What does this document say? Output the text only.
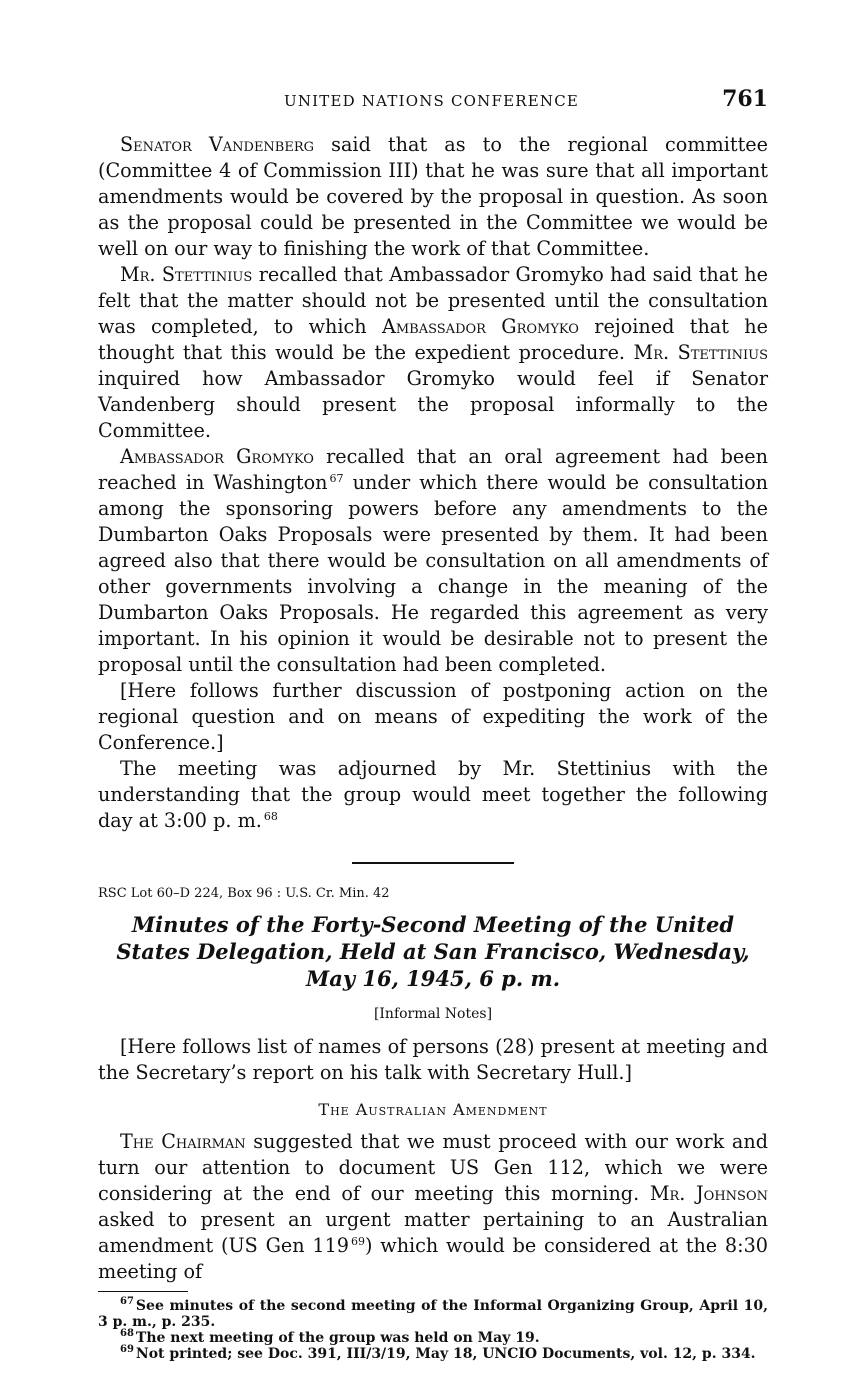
UNITED NATIONS CONFERENCE	761

Senator Vandenberg said that as to the regional committee (Committee 4 of Commission III) that he was sure that all important amendments would be covered by the proposal in question. As soon as the proposal could be presented in the Committee we would be well on our way to finishing the work of that Committee.

Mr. Stettinius recalled that Ambassador Gromyko had said that he felt that the matter should not be presented until the consultation was completed, to which Ambassador Gromyko rejoined that he thought that this would be the expedient procedure. Mr. Stettinius inquired how Ambassador Gromyko would feel if Senator Vandenberg should present the proposal informally to the Committee.

Ambassador Gromyko recalled that an oral agreement had been reached in Washington $^{67}$ under which there would be consultation among the sponsoring powers before any amendments to the Dumbarton Oaks Proposals were presented by them. It had been agreed also that there would be consultation on all amendments of other governments involving a change in the meaning of the Dumbarton Oaks Proposals. He regarded this agreement as very important. In his opinion it would be desirable not to present the proposal until the consultation had been completed.

[Here follows further discussion of postponing action on the regional question and on means of expediting the work of the Conference.]

The meeting was adjourned by Mr. Stettinius with the understanding that the group would meet together the following day at 3:00 p. m. $^{68}$

RSC Lot 60–D 224, Box 96 : U.S. Cr. Min. 42

Minutes of the Forty-Second Meeting of the United States Delegation, Held at San Francisco, Wednesday, May 16, 1945, 6 p. m.

[Informal Notes]

[Here follows list of names of persons (28) present at meeting and the Secretary’s report on his talk with Secretary Hull.]

The Australian Amendment

The Chairman suggested that we must proceed with our work and turn our attention to document US Gen 112, which we were considering at the end of our meeting this morning. Mr. Johnson asked to present an urgent matter pertaining to an Australian amendment (US Gen 119 $^{69}$) which would be considered at the 8:30 meeting of

$^{67}$ See minutes of the second meeting of the Informal Organizing Group, April 10, 3 p. m., p. 235.

$^{68}$ The next meeting of the group was held on May 19.

$^{69}$ Not printed; see Doc. 391, III/3/19, May 18, UNCIO Documents, vol. 12, p. 334.
